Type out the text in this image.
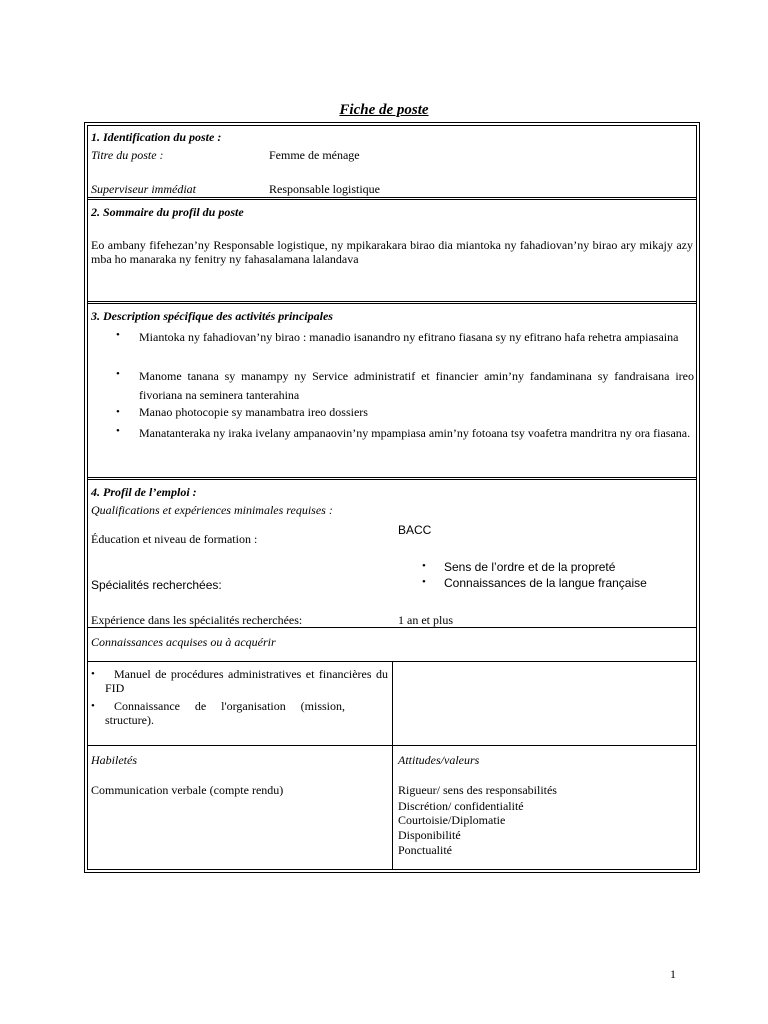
Fiche de poste
1. Identification du poste :
Titre du poste :	Femme de ménage
Superviseur immédiat	Responsable logistique
2. Sommaire du profil du poste
Eo ambany fifehezan’ny Responsable logistique, ny mpikarakara birao dia miantoka ny fahadiovan’ny birao ary mikajy azy mba ho manaraka ny fenitry ny fahasalamana lalandava
3. Description spécifique des activités principales
• Miantoka ny fahadiovan’ny birao : manadio isanandro ny efitrano fiasana sy ny efitrano hafa rehetra ampiasaina
• Manome tanana sy manampy ny Service administratif et financier amin’ny fandaminana sy fandraisana ireo fivoriana na seminera tanterahina
• Manao photocopie sy manambatra ireo dossiers
• Manatanteraka ny iraka ivelany ampanaovin’ny mpampiasa amin’ny fotoana tsy voafetra mandritra ny ora fiasana.
4. Profil de l’emploi :
Qualifications et expériences minimales requises :
Éducation et niveau de formation :
BACC
Spécialités recherchées:
• Sens de l’ordre et de la propreté
• Connaissances de la langue française
Expérience dans les spécialités recherchées:	1 an et plus
Connaissances acquises ou à acquérir
•	Manuel de procédures administratives et financières du FID
•	Connaissance de l'organisation (mission, structure).
Habiletés
Communication verbale (compte rendu)
Attitudes/valeurs
Rigueur/ sens des responsabilités
Discrétion/ confidentialité
Courtoisie/Diplomatie
Disponibilité
Ponctualité
1
